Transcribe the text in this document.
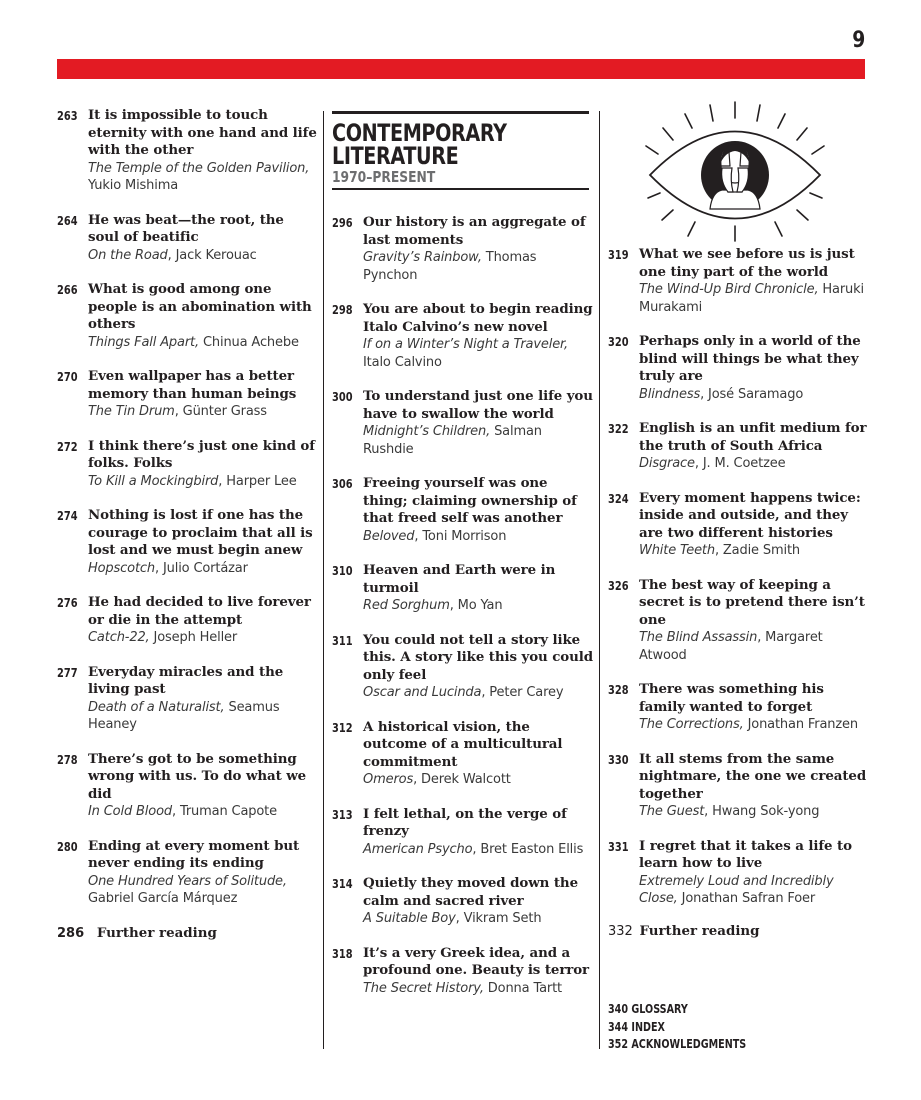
9
263 It is impossible to touch eternity with one hand and life with the other
The Temple of the Golden Pavilion, Yukio Mishima
264 He was beat—the root, the soul of beatific
On the Road, Jack Kerouac
266 What is good among one people is an abomination with others
Things Fall Apart, Chinua Achebe
270 Even wallpaper has a better memory than human beings
The Tin Drum, Günter Grass
272 I think there’s just one kind of folks. Folks
To Kill a Mockingbird, Harper Lee
274 Nothing is lost if one has the courage to proclaim that all is lost and we must begin anew
Hopscotch, Julio Cortázar
276 He had decided to live forever or die in the attempt
Catch-22, Joseph Heller
277 Everyday miracles and the living past
Death of a Naturalist, Seamus Heaney
278 There’s got to be something wrong with us. To do what we did
In Cold Blood, Truman Capote
280 Ending at every moment but never ending its ending
One Hundred Years of Solitude, Gabriel García Márquez
286 Further reading
CONTEMPORARY
LITERATURE
1970–PRESENT
296 Our history is an aggregate of last moments
Gravity’s Rainbow, Thomas Pynchon
298 You are about to begin reading Italo Calvino’s new novel
If on a Winter’s Night a Traveler, Italo Calvino
300 To understand just one life you have to swallow the world
Midnight’s Children, Salman Rushdie
306 Freeing yourself was one thing; claiming ownership of that freed self was another
Beloved, Toni Morrison
310 Heaven and Earth were in turmoil
Red Sorghum, Mo Yan
311 You could not tell a story like this. A story like this you could only feel
Oscar and Lucinda, Peter Carey
312 A historical vision, the outcome of a multicultural commitment
Omeros, Derek Walcott
313 I felt lethal, on the verge of frenzy
American Psycho, Bret Easton Ellis
314 Quietly they moved down the calm and sacred river
A Suitable Boy, Vikram Seth
318 It’s a very Greek idea, and a profound one. Beauty is terror
The Secret History, Donna Tartt
319 What we see before us is just one tiny part of the world
The Wind-Up Bird Chronicle, Haruki Murakami
320 Perhaps only in a world of the blind will things be what they truly are
Blindness, José Saramago
322 English is an unfit medium for the truth of South Africa
Disgrace, J. M. Coetzee
324 Every moment happens twice: inside and outside, and they are two different histories
White Teeth, Zadie Smith
326 The best way of keeping a secret is to pretend there isn’t one
The Blind Assassin, Margaret Atwood
328 There was something his family wanted to forget
The Corrections, Jonathan Franzen
330 It all stems from the same nightmare, the one we created together
The Guest, Hwang Sok-yong
331 I regret that it takes a life to learn how to live
Extremely Loud and Incredibly Close, Jonathan Safran Foer
332 Further reading
340 GLOSSARY
344 INDEX
352 ACKNOWLEDGMENTS
